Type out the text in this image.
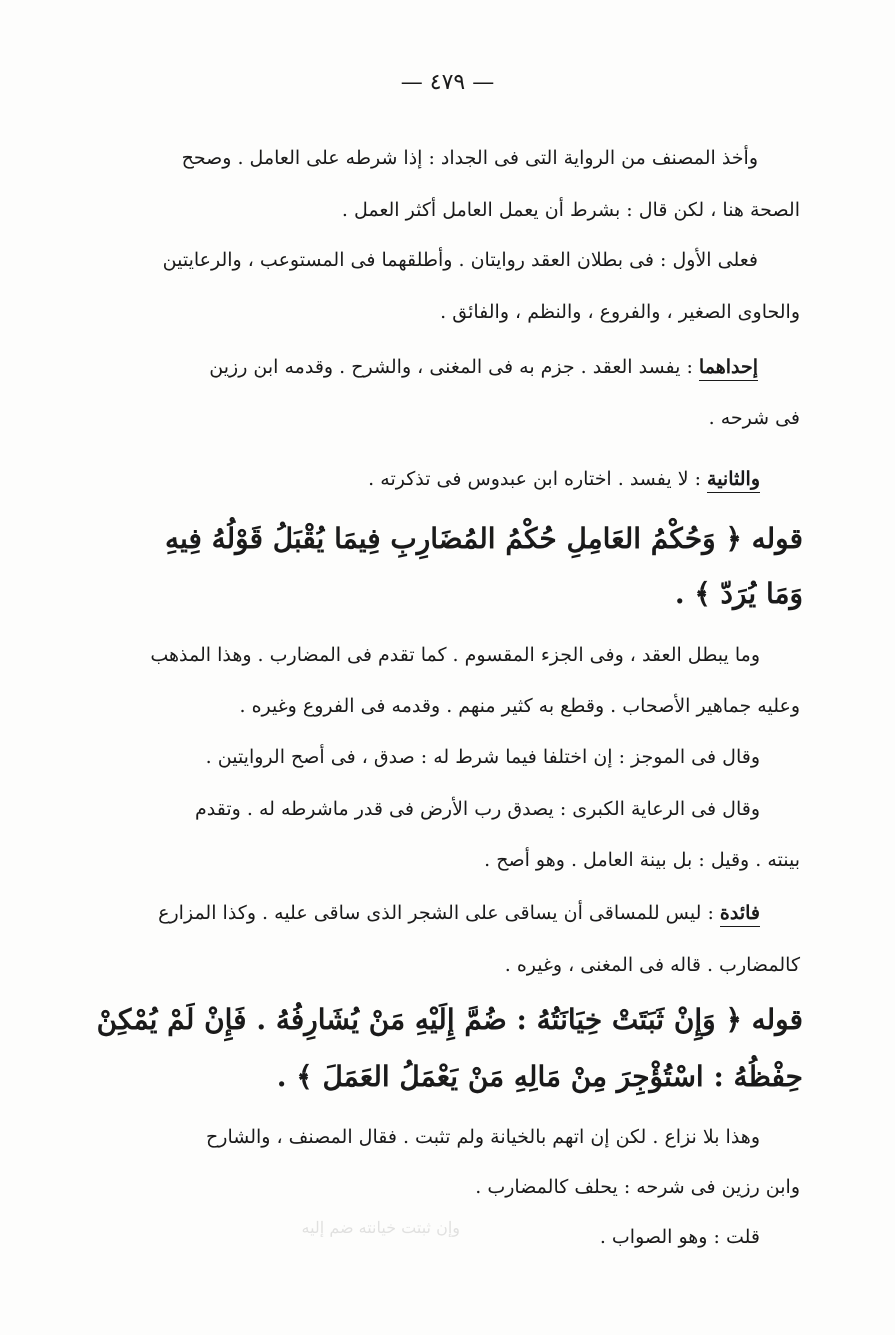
— ٤٧٩ —
وأخذ المصنف من الرواية التى فى الجداد : إذا شرطه على العامل . وصحح
الصحة هنا ، لكن قال : بشرط أن يعمل العامل أكثر العمل .
فعلى الأول : فى بطلان العقد روايتان . وأطلقهما فى المستوعب ، والرعايتين
والحاوى الصغير ، والفروع ، والنظم ، والفائق .
إحداهما : يفسد العقد . جزم به فى المغنى ، والشرح . وقدمه ابن رزين
فى شرحه .
والثانية : لا يفسد . اختاره ابن عبدوس فى تذكرته .
قوله ﴿ وَحُكْمُ العَامِلِ حُكْمُ المُضَارِبِ فِيمَا يُقْبَلُ قَوْلُهُ فِيهِ
وَمَا يُرَدّ ﴾ .
وما يبطل العقد ، وفى الجزء المقسوم . كما تقدم فى المضارب . وهذا المذهب
وعليه جماهير الأصحاب . وقطع به كثير منهم . وقدمه فى الفروع وغيره .
وقال فى الموجز : إن اختلفا فيما شرط له : صدق ، فى أصح الروايتين .
وقال فى الرعاية الكبرى : يصدق رب الأرض فى قدر ماشرطه له . وتقدم
بينته . وقيل : بل بينة العامل . وهو أصح .
فائدة : ليس للمساقى أن يساقى على الشجر الذى ساقى عليه . وكذا المزارع
كالمضارب . قاله فى المغنى ، وغيره .
قوله ﴿ وَإِنْ ثَبَتَتْ خِيَانَتُهُ : ضُمَّ إِلَيْهِ مَنْ يُشَارِفُهُ . فَإِنْ لَمْ يُمْكِنْ
حِفْظُهُ : اسْتُؤْجِرَ مِنْ مَالِهِ مَنْ يَعْمَلُ العَمَلَ ﴾ .
وهذا بلا نزاع . لكن إن اتهم بالخيانة ولم تثبت . فقال المصنف ، والشارح
وابن رزين فى شرحه : يحلف كالمضارب .
قلت : وهو الصواب .
وإن ثبتت خيانته ضم إليه
